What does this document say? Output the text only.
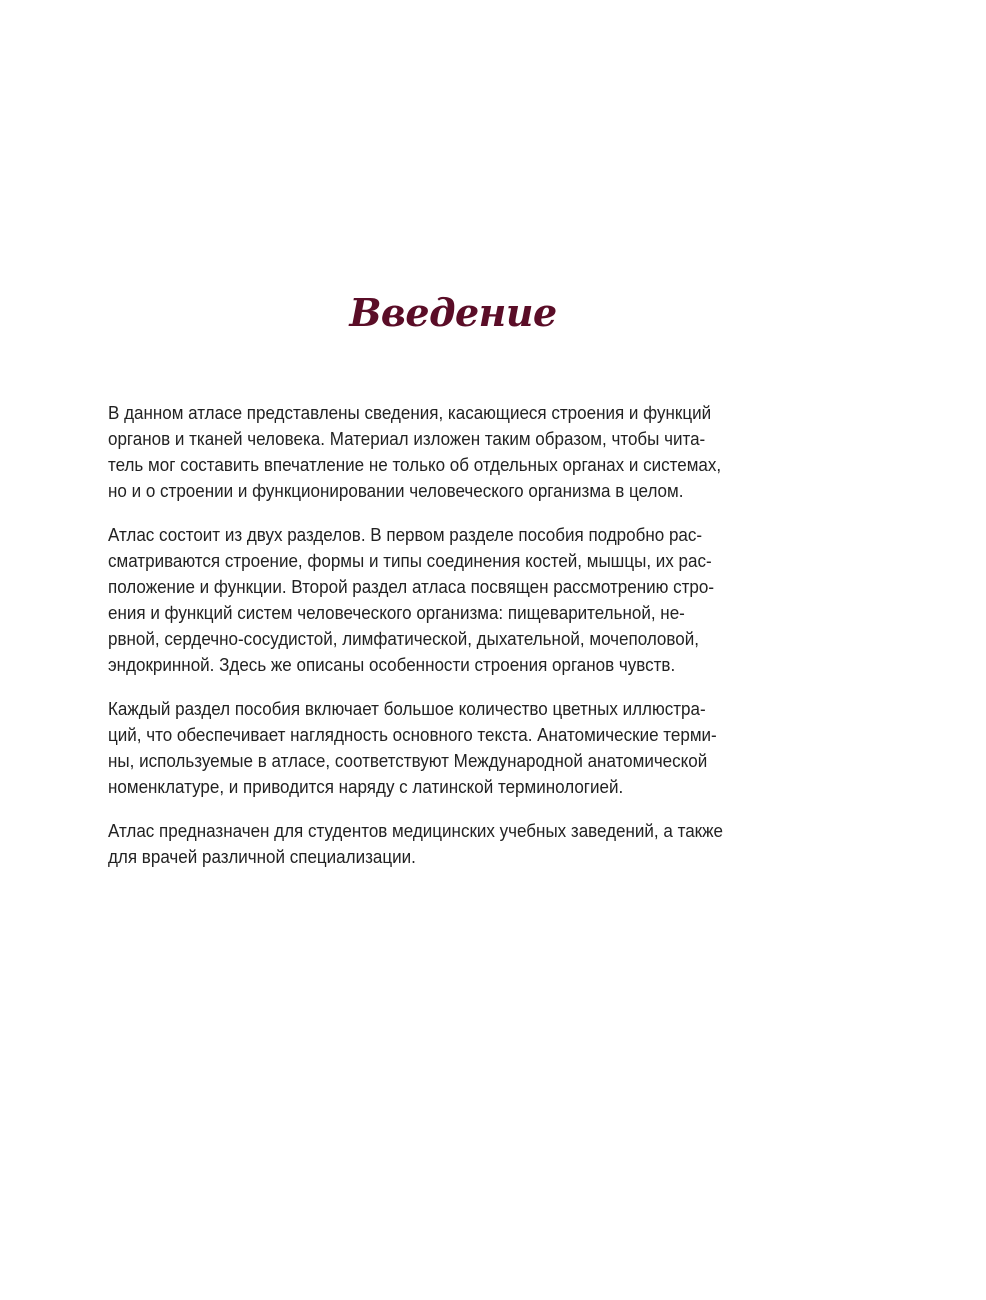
Введение

В данном атласе представлены сведения, касающиеся строения и функций
органов и тканей человека. Материал изложен таким образом, чтобы чита-
тель мог составить впечатление не только об отдельных органах и системах,
но и о строении и функционировании человеческого организма в целом.

Атлас состоит из двух разделов. В первом разделе пособия подробно рас-
сматриваются строение, формы и типы соединения костей, мышцы, их рас-
положение и функции. Второй раздел атласа посвящен рассмотрению стро-
ения и функций систем человеческого организма: пищеварительной, не-
рвной, сердечно-сосудистой, лимфатической, дыхательной, мочеполовой,
эндокринной. Здесь же описаны особенности строения органов чувств.

Каждый раздел пособия включает большое количество цветных иллюстра-
ций, что обеспечивает наглядность основного текста. Анатомические терми-
ны, используемые в атласе, соответствуют Международной анатомической
номенклатуре, и приводится наряду с латинской терминологией.

Атлас предназначен для студентов медицинских учебных заведений, а также
для врачей различной специализации.
